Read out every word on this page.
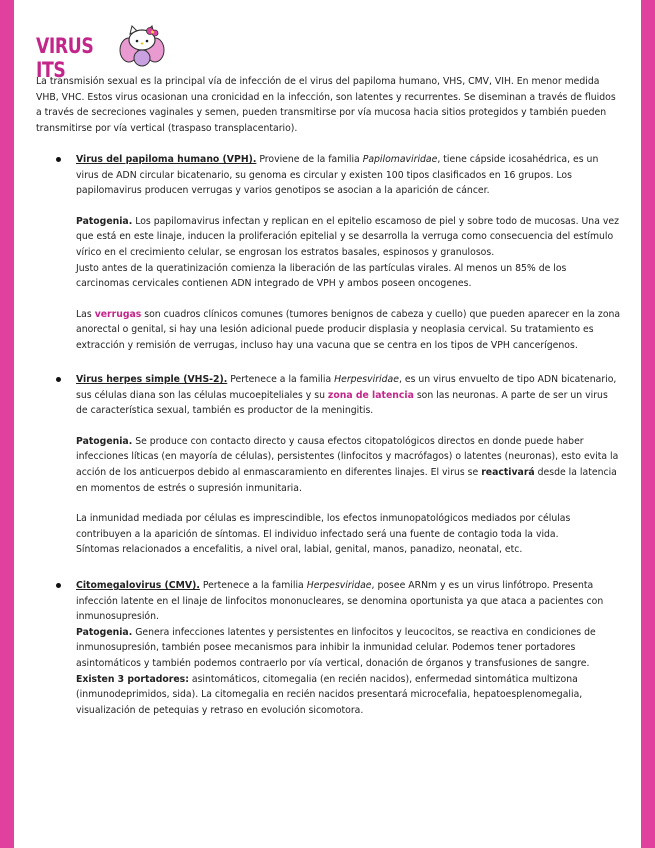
VIRUS ITS

La transmisión sexual es la principal vía de infección de el virus del papiloma humano, VHS, CMV, VIH. En menor medida VHB, VHC. Estos virus ocasionan una cronicidad en la infección, son latentes y recurrentes. Se diseminan a través de fluidos a través de secreciones vaginales y semen, pueden transmitirse por vía mucosa hacia sitios protegidos y también pueden transmitirse por vía vertical (traspaso transplacentario).

Virus del papiloma humano (VPH). Proviene de la familia Papilomaviridae, tiene cápside icosahédrica, es un virus de ADN circular bicatenario, su genoma es circular y existen 100 tipos clasificados en 16 grupos. Los papilomavirus producen verrugas y varios genotipos se asocian a la aparición de cáncer.

Patogenia. Los papilomavirus infectan y replican en el epitelio escamoso de piel y sobre todo de mucosas. Una vez que está en este linaje, inducen la proliferación epitelial y se desarrolla la verruga como consecuencia del estímulo vírico en el crecimiento celular, se engrosan los estratos basales, espinosos y granulosos.

Justo antes de la queratinización comienza la liberación de las partículas virales. Al menos un 85% de los carcinomas cervicales contienen ADN integrado de VPH y ambos poseen oncogenes.

Las verrugas son cuadros clínicos comunes (tumores benignos de cabeza y cuello) que pueden aparecer en la zona anorectal o genital, si hay una lesión adicional puede producir displasia y neoplasia cervical. Su tratamiento es extracción y remisión de verrugas, incluso hay una vacuna que se centra en los tipos de VPH cancerígenos.

Virus herpes simple (VHS-2). Pertenece a la familia Herpesviridae, es un virus envuelto de tipo ADN bicatenario, sus células diana son las células mucoepiteliales y su zona de latencia son las neuronas. A parte de ser un virus de característica sexual, también es productor de la meningitis.

Patogenia. Se produce con contacto directo y causa efectos citopatológicos directos en donde puede haber infecciones líticas (en mayoría de células), persistentes (linfocitos y macrófagos) o latentes (neuronas), esto evita la acción de los anticuerpos debido al enmascaramiento en diferentes linajes. El virus se reactivará desde la latencia en momentos de estrés o supresión inmunitaria.

La inmunidad mediada por células es imprescindible, los efectos inmunopatológicos mediados por células contribuyen a la aparición de síntomas. El individuo infectado será una fuente de contagio toda la vida.

Síntomas relacionados a encefalitis, a nivel oral, labial, genital, manos, panadizo, neonatal, etc.

Citomegalovirus (CMV). Pertenece a la familia Herpesviridae, posee ARNm y es un virus linfótropo. Presenta infección latente en el linaje de linfocitos mononucleares, se denomina oportunista ya que ataca a pacientes con inmunosupresión.

Patogenia. Genera infecciones latentes y persistentes en linfocitos y leucocitos, se reactiva en condiciones de inmunosupresión, también posee mecanismos para inhibir la inmunidad celular. Podemos tener portadores asintomáticos y también podemos contraerlo por vía vertical, donación de órganos y transfusiones de sangre.

Existen 3 portadores: asintomáticos, citomegalia (en recién nacidos), enfermedad sintomática multizona (inmunodeprimidos, sida). La citomegalia en recién nacidos presentará microcefalia, hepatoesplenomegalia, visualización de petequias y retraso en evolución sicomotora.
